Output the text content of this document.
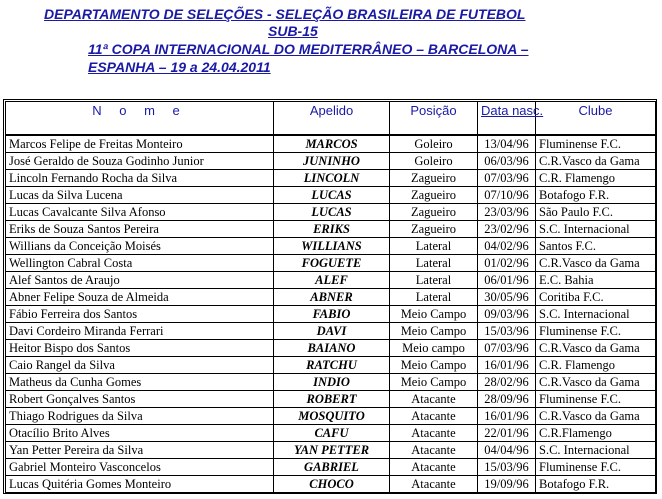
DEPARTAMENTO DE SELEÇÕES - SELEÇÃO BRASILEIRA DE FUTEBOL
SUB-15
11ª COPA INTERNACIONAL DO MEDITERRÂNEO – BARCELONA –
ESPANHA – 19 a 24.04.2011
N o m e	Apelido	Posição	Data nasc.	Clube
Marcos Felipe de Freitas Monteiro	MARCOS	Goleiro	13/04/96	Fluminense F.C.
José Geraldo de Souza Godinho Junior	JUNINHO	Goleiro	06/03/96	C.R.Vasco da Gama
Lincoln Fernando Rocha da Silva	LINCOLN	Zagueiro	07/03/96	C.R. Flamengo
Lucas da Silva Lucena	LUCAS	Zagueiro	07/10/96	Botafogo F.R.
Lucas Cavalcante Silva Afonso	LUCAS	Zagueiro	23/03/96	São Paulo F.C.
Eriks de Souza Santos Pereira	ERIKS	Zagueiro	23/02/96	S.C. Internacional
Willians da Conceição Moisés	WILLIANS	Lateral	04/02/96	Santos F.C.
Wellington Cabral Costa	FOGUETE	Lateral	01/02/96	C.R.Vasco da Gama
Alef Santos de Araujo	ALEF	Lateral	06/01/96	E.C. Bahia
Abner Felipe Souza de Almeida	ABNER	Lateral	30/05/96	Coritiba F.C.
Fábio Ferreira dos Santos	FABIO	Meio Campo	09/03/96	S.C. Internacional
Davi Cordeiro Miranda Ferrari	DAVI	Meio Campo	15/03/96	Fluminense F.C.
Heitor Bispo dos Santos	BAIANO	Meio campo	07/03/96	C.R.Vasco da Gama
Caio Rangel da Silva	RATCHU	Meio Campo	16/01/96	C.R. Flamengo
Matheus da Cunha Gomes	INDIO	Meio Campo	28/02/96	C.R.Vasco da Gama
Robert Gonçalves Santos	ROBERT	Atacante	28/09/96	Fluminense F.C.
Thiago Rodrigues da Silva	MOSQUITO	Atacante	16/01/96	C.R.Vasco da Gama
Otacílio Brito Alves	CAFU	Atacante	22/01/96	C.R.Flamengo
Yan Petter Pereira da Silva	YAN PETTER	Atacante	04/04/96	S.C. Internacional
Gabriel Monteiro Vasconcelos	GABRIEL	Atacante	15/03/96	Fluminense F.C.
Lucas Quitéria Gomes Monteiro	CHOCO	Atacante	19/09/96	Botafogo F.R.
